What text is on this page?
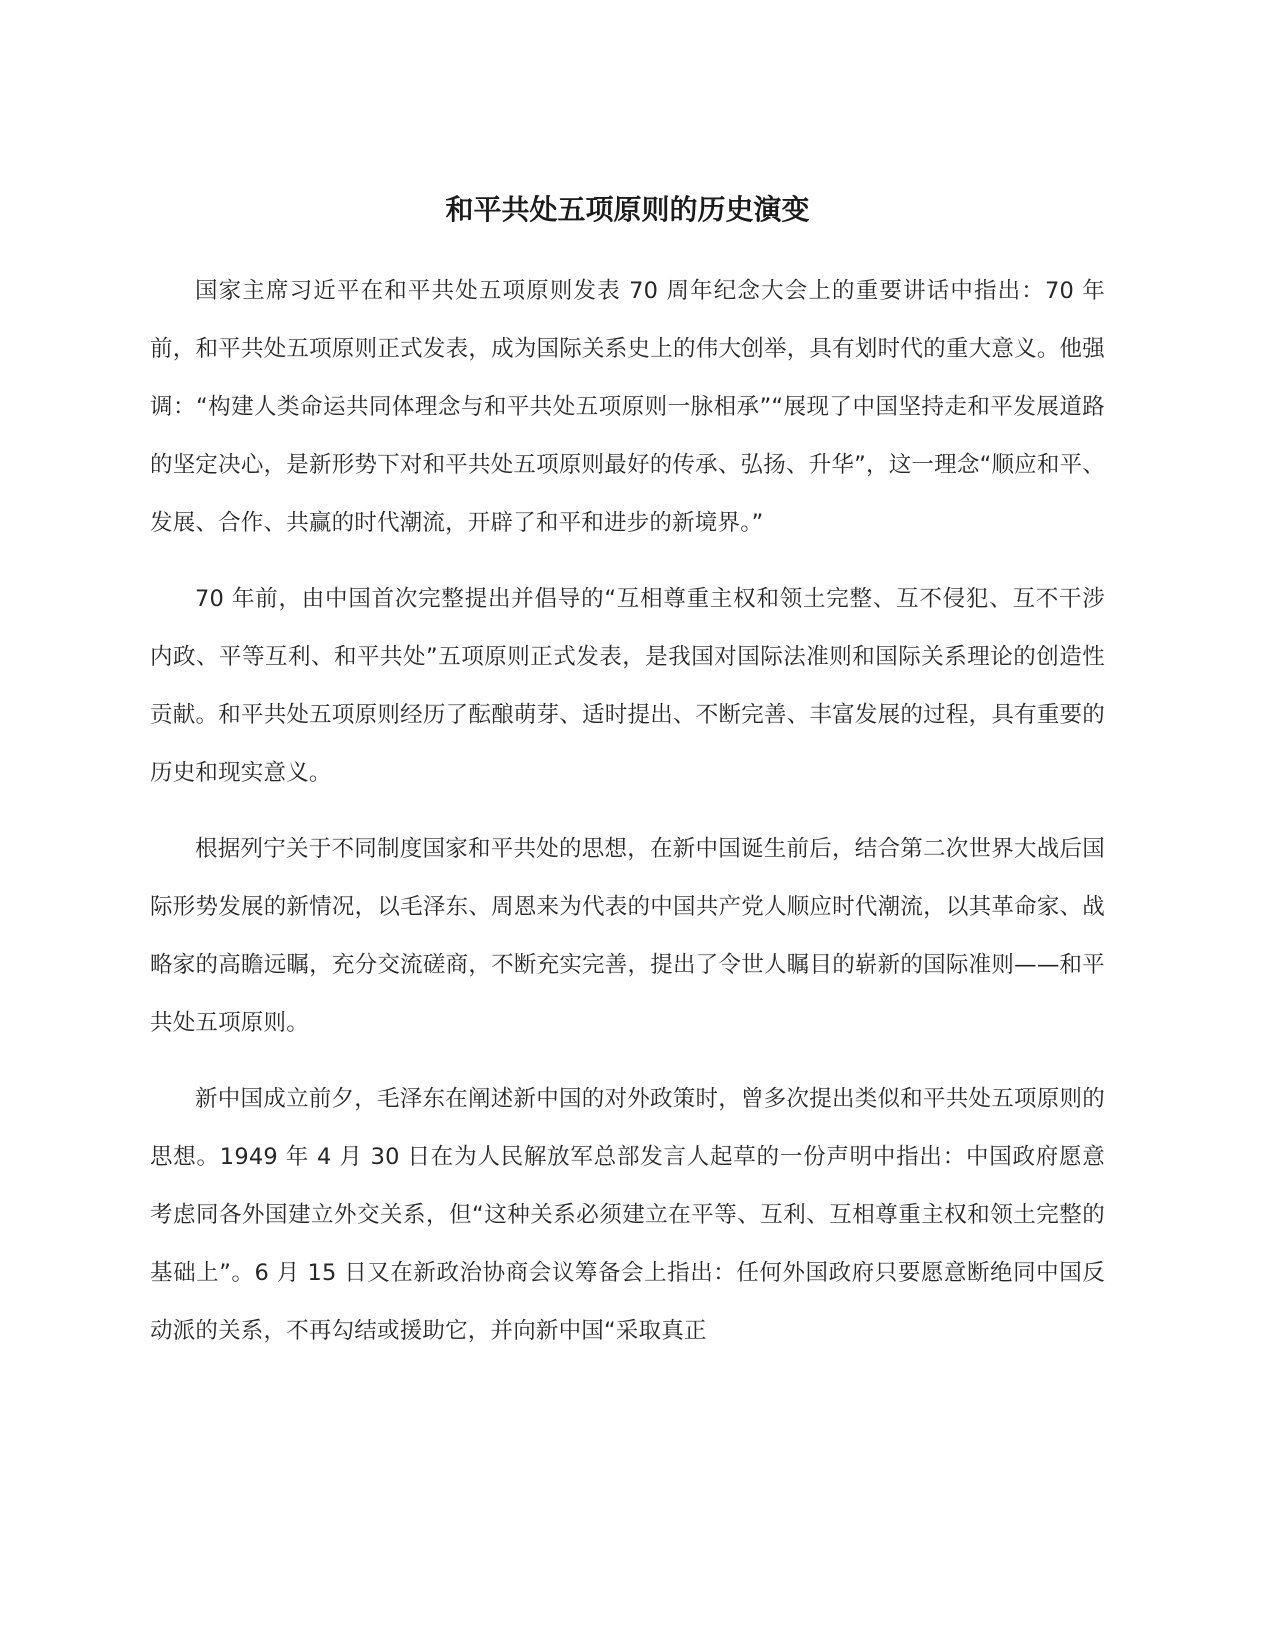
和平共处五项原则的历史演变

国家主席习近平在和平共处五项原则发表 70 周年纪念大会上的重要讲话中指出：70 年前，和平共处五项原则正式发表，成为国际关系史上的伟大创举，具有划时代的重大意义。他强调：“构建人类命运共同体理念与和平共处五项原则一脉相承”“展现了中国坚持走和平发展道路的坚定决心，是新形势下对和平共处五项原则最好的传承、弘扬、升华”，这一理念“顺应和平、发展、合作、共赢的时代潮流，开辟了和平和进步的新境界。”

70 年前，由中国首次完整提出并倡导的“互相尊重主权和领土完整、互不侵犯、互不干涉内政、平等互利、和平共处”五项原则正式发表，是我国对国际法准则和国际关系理论的创造性贡献。和平共处五项原则经历了酝酿萌芽、适时提出、不断完善、丰富发展的过程，具有重要的历史和现实意义。

根据列宁关于不同制度国家和平共处的思想，在新中国诞生前后，结合第二次世界大战后国际形势发展的新情况，以毛泽东、周恩来为代表的中国共产党人顺应时代潮流，以其革命家、战略家的高瞻远瞩，充分交流磋商，不断充实完善，提出了令世人瞩目的崭新的国际准则——和平共处五项原则。

新中国成立前夕，毛泽东在阐述新中国的对外政策时，曾多次提出类似和平共处五项原则的思想。1949 年 4 月 30 日在为人民解放军总部发言人起草的一份声明中指出：中国政府愿意考虑同各外国建立外交关系，但“这种关系必须建立在平等、互利、互相尊重主权和领土完整的基础上”。6 月 15 日又在新政治协商会议筹备会上指出：任何外国政府只要愿意断绝同中国反动派的关系，不再勾结或援助它，并向新中国“采取真正
